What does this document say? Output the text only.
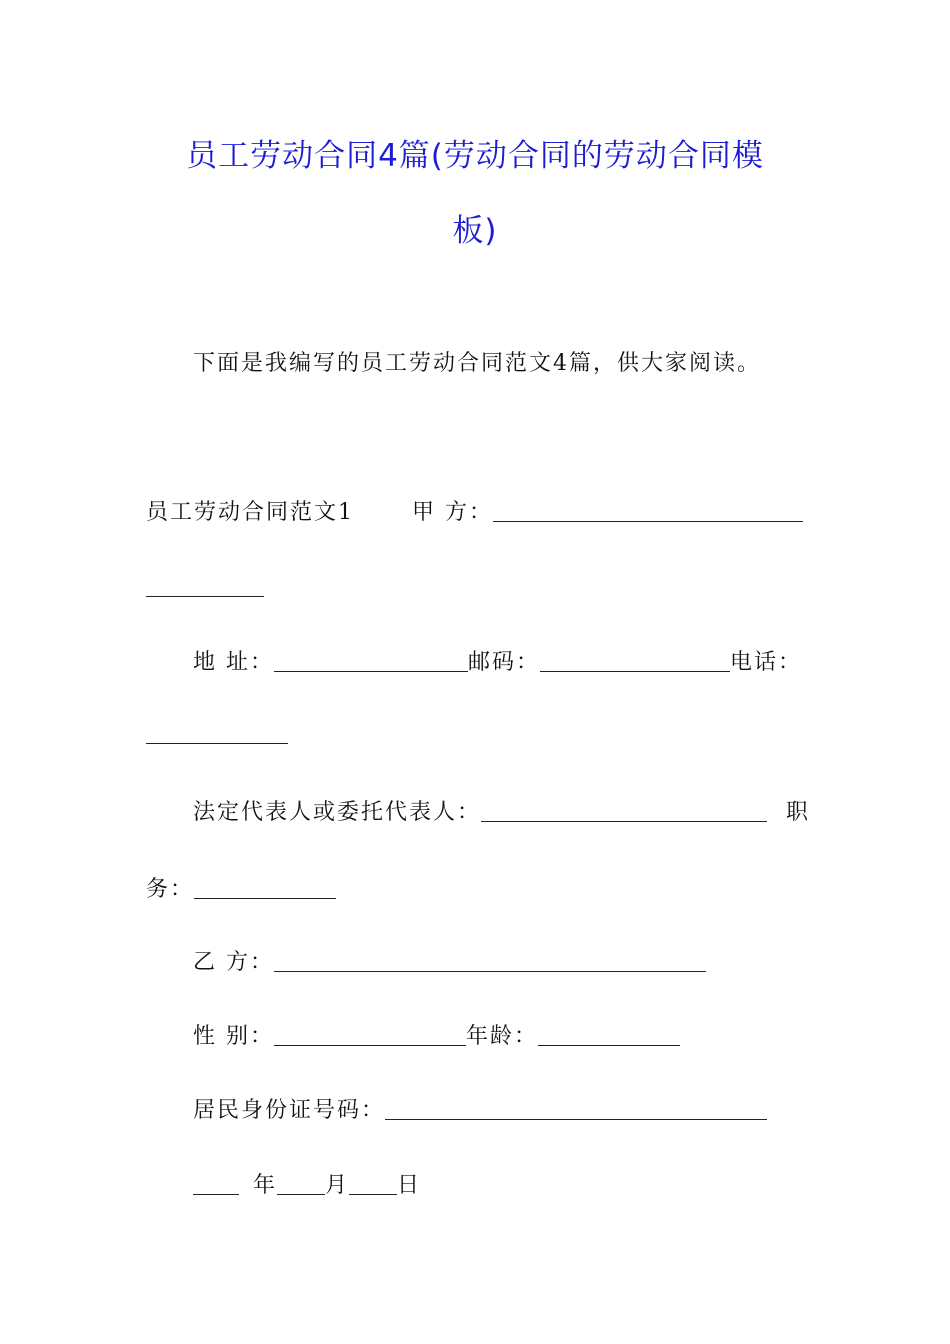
员工劳动合同4篇(劳动合同的劳动合同模
板)
下面是我编写的员工劳动合同范文4篇，供大家阅读。
员工劳动合同范文1	甲 方：
地 址：	邮码：	电话：
法定代表人或委托代表人：	职
务：
乙 方：
性 别：	年龄：
居民身份证号码：
年 月 日
